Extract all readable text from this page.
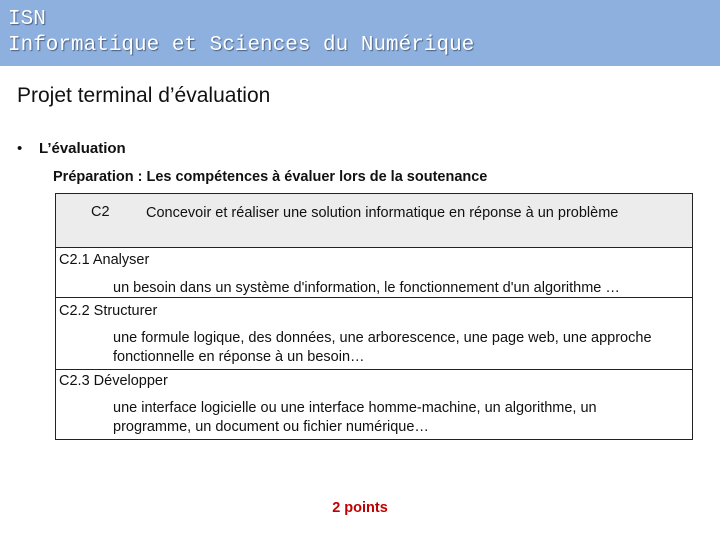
ISN
Informatique et Sciences du Numérique
Projet terminal d’évaluation
• L’évaluation
Préparation : Les compétences à évaluer lors de la soutenance
C2	Concevoir et réaliser une solution informatique en réponse à un problème
C2.1 Analyser
un besoin dans un système d'information, le fonctionnement d'un algorithme …
C2.2 Structurer
une formule logique, des données, une arborescence, une page web, une approche fonctionnelle en réponse à un besoin…
C2.3 Développer
une interface logicielle ou une interface homme-machine, un algorithme, un programme, un document ou fichier numérique…
2 points
